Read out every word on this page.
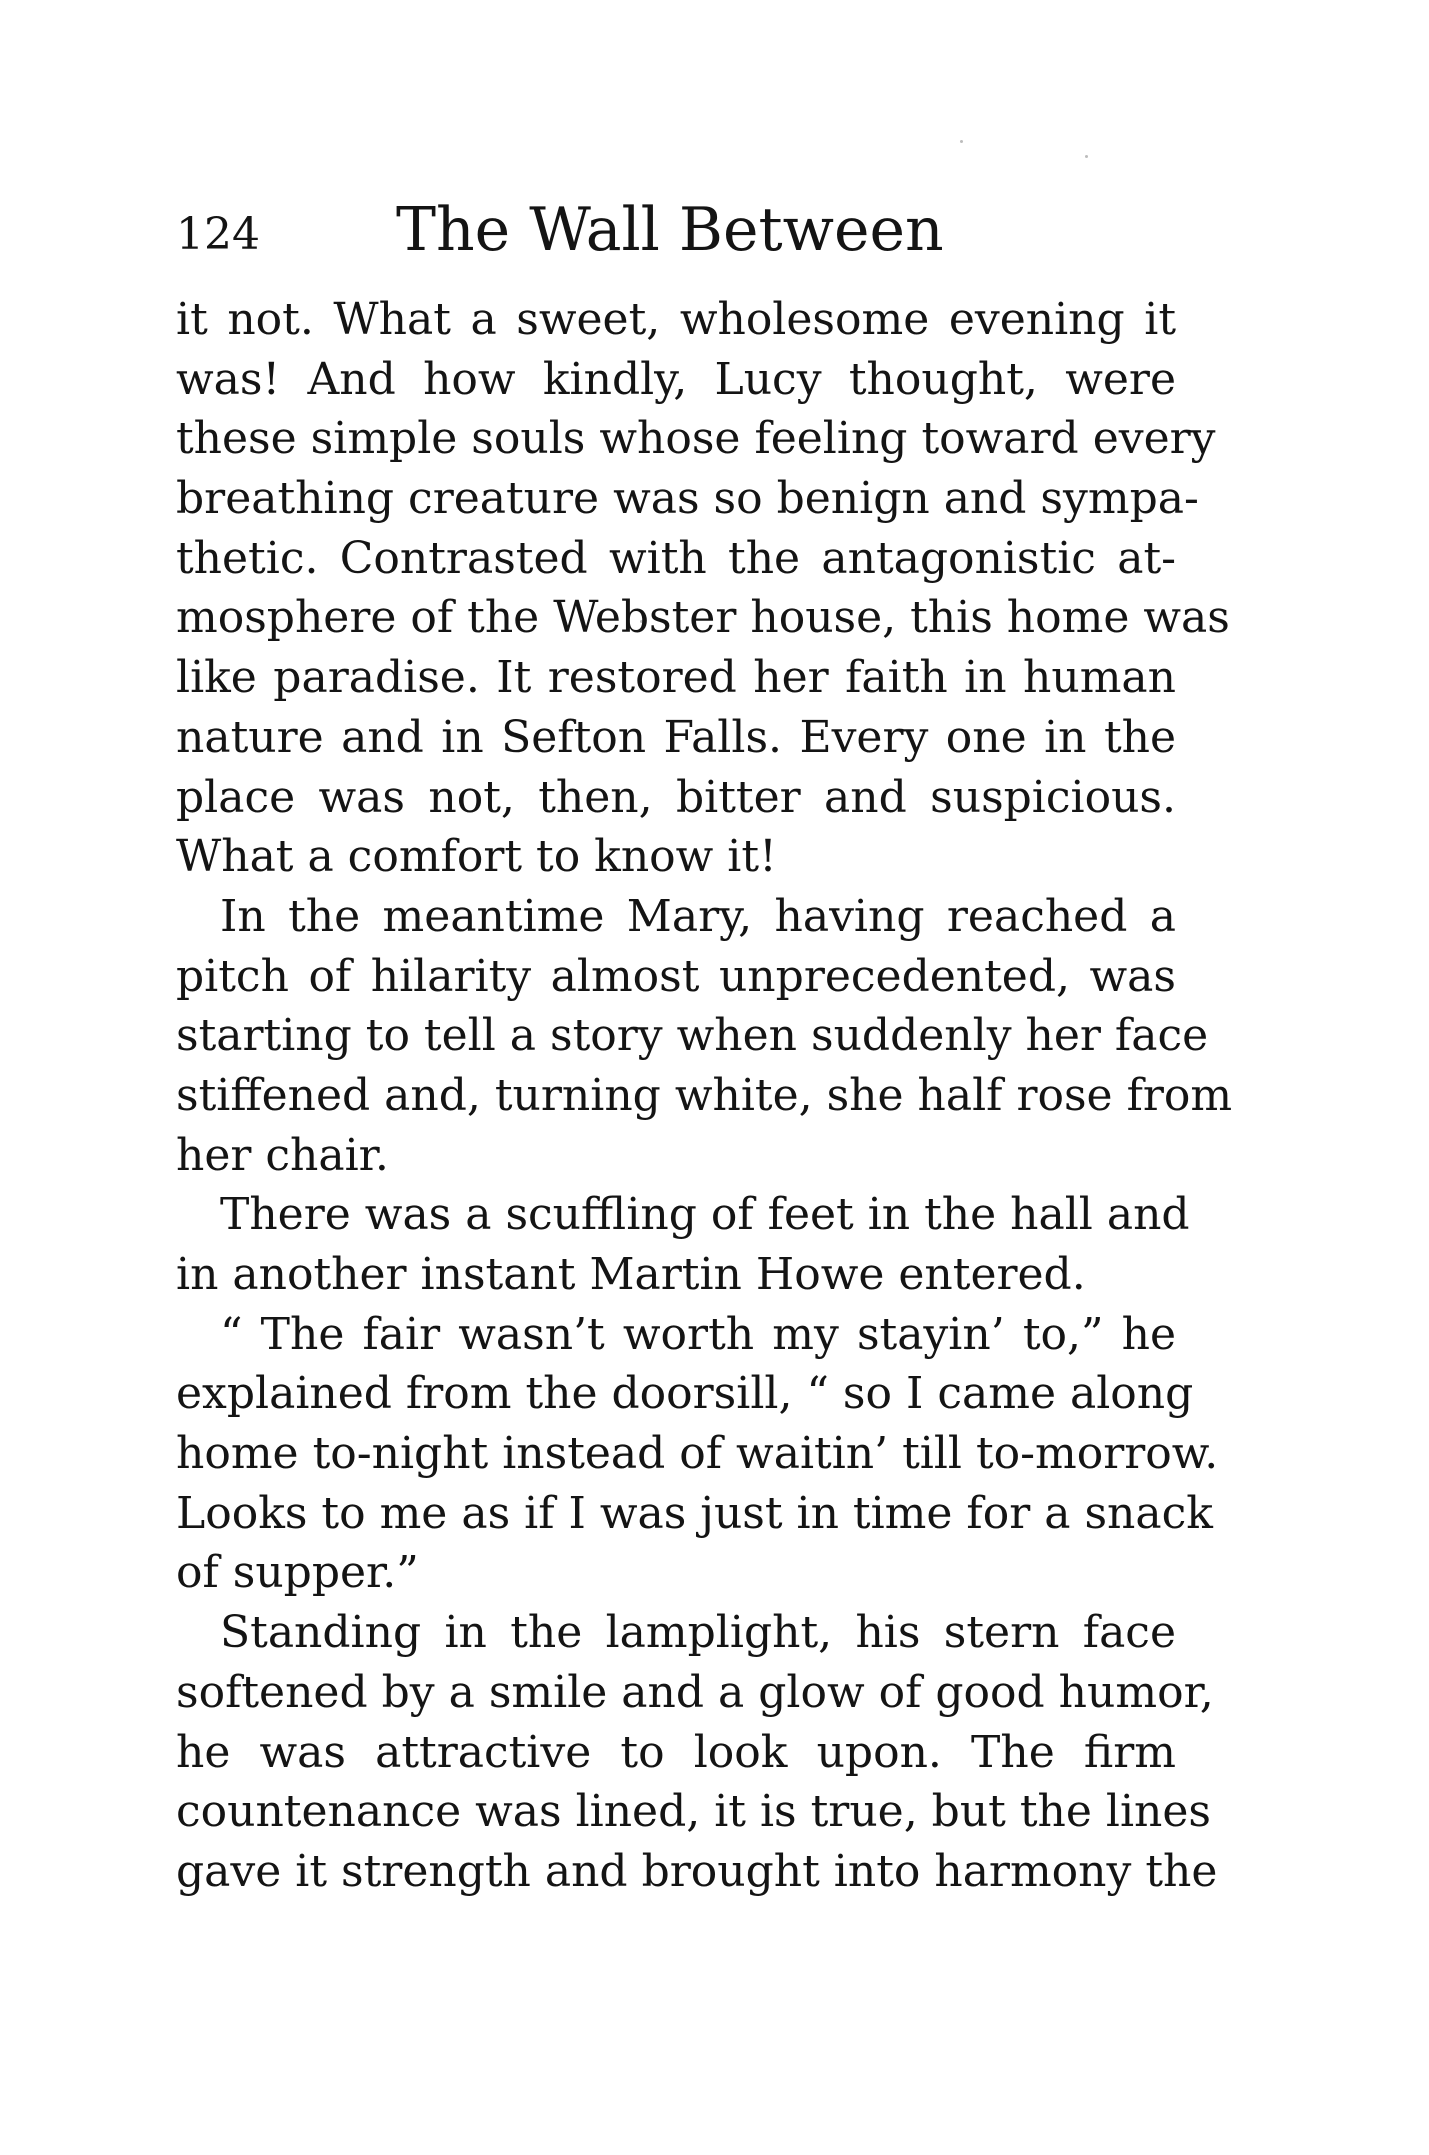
124 The Wall Between
it not. What a sweet, wholesome evening it
was! And how kindly, Lucy thought, were
these simple souls whose feeling toward every
breathing creature was so benign and sympa-
thetic. Contrasted with the antagonistic at-
mosphere of the Webster house, this home was
like paradise. It restored her faith in human
nature and in Sefton Falls. Every one in the
place was not, then, bitter and suspicious.
What a comfort to know it!
In the meantime Mary, having reached a
pitch of hilarity almost unprecedented, was
starting to tell a story when suddenly her face
stiffened and, turning white, she half rose from
her chair.
There was a scuffling of feet in the hall and
in another instant Martin Howe entered.
“ The fair wasn’t worth my stayin’ to,” he
explained from the doorsill, “ so I came along
home to-night instead of waitin’ till to-morrow.
Looks to me as if I was just in time for a snack
of supper.”
Standing in the lamplight, his stern face
softened by a smile and a glow of good humor,
he was attractive to look upon. The firm
countenance was lined, it is true, but the lines
gave it strength and brought into harmony the
